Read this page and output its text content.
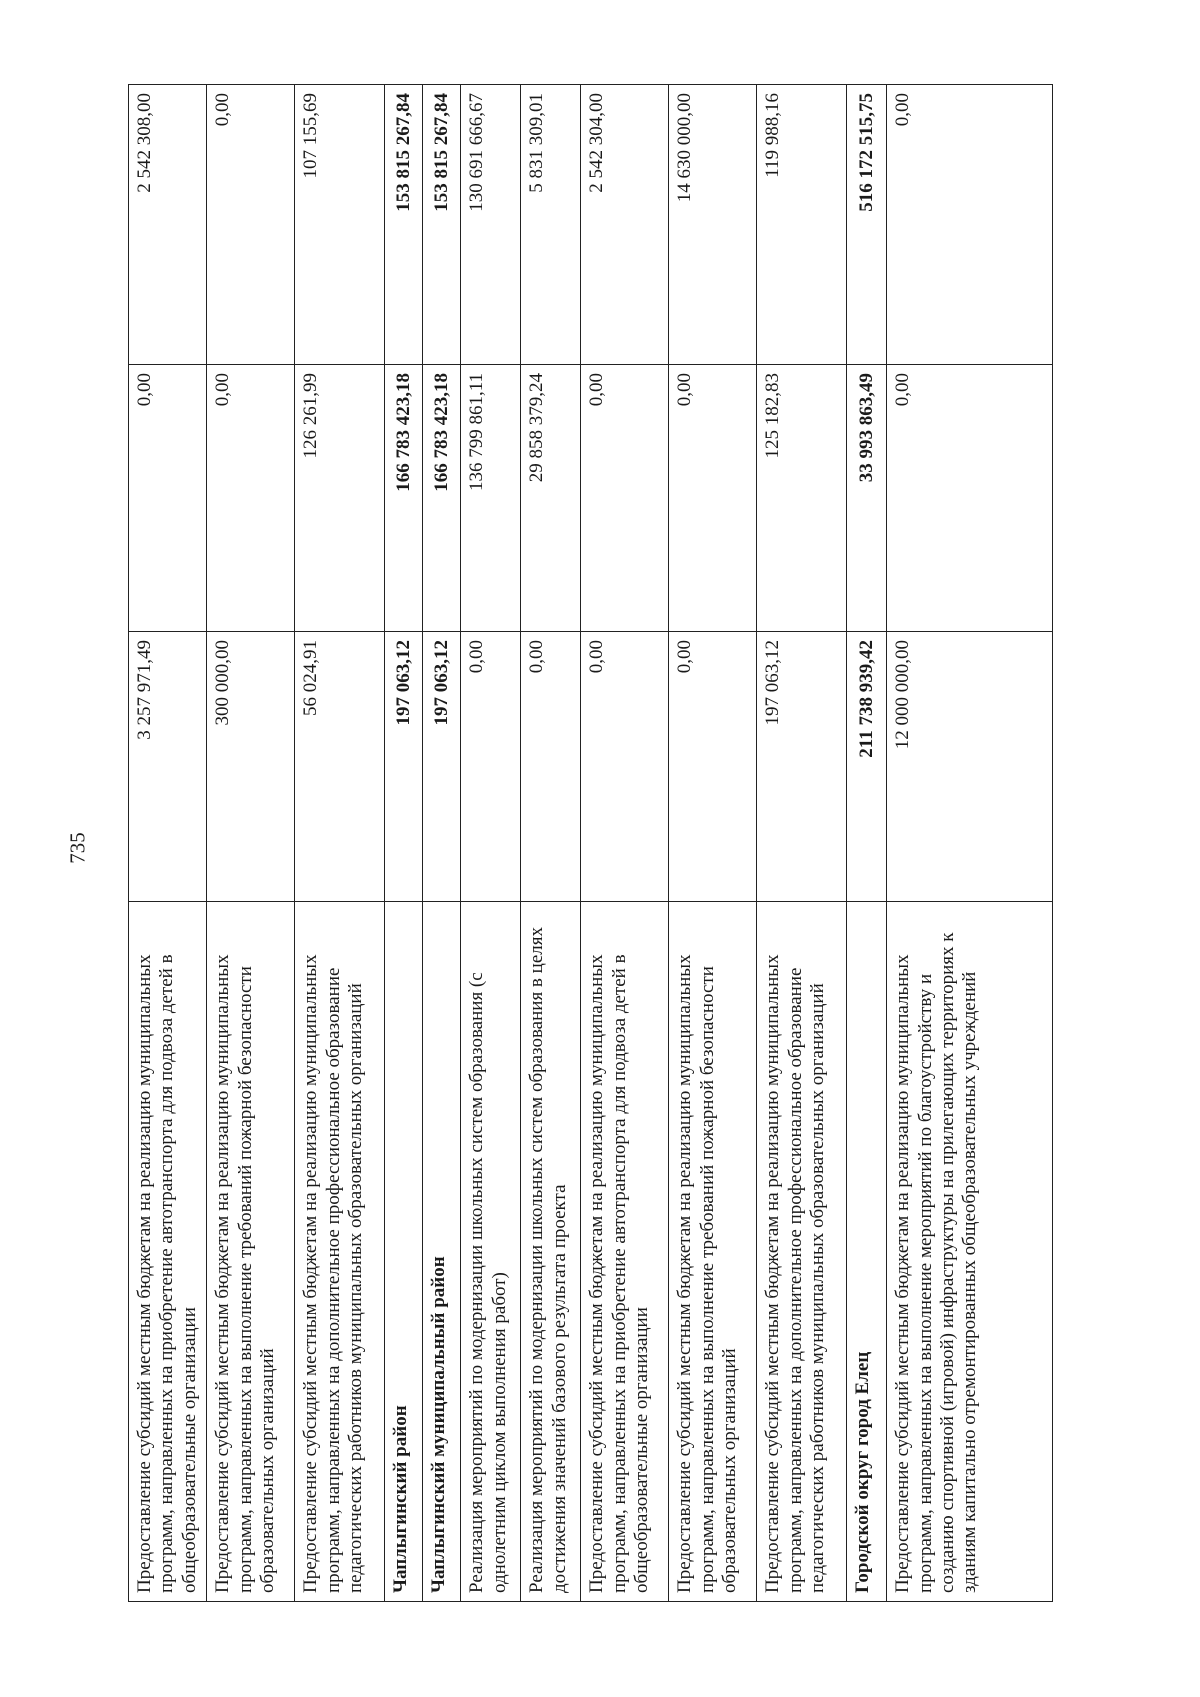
735
Предоставление субсидий местным бюджетам на реализацию муниципальных программ, направленных на приобретение автотранспорта для подвоза детей в общеобразовательные организации	3 257 971,49	0,00	2 542 308,00
Предоставление субсидий местным бюджетам на реализацию муниципальных программ, направленных на выполнение требований пожарной безопасности образовательных организаций	300 000,00	0,00	0,00
Предоставление субсидий местным бюджетам на реализацию муниципальных программ, направленных на дополнительное профессиональное образование педагогических работников муниципальных образовательных организаций	56 024,91	126 261,99	107 155,69
Чаплыгинский район	197 063,12	166 783 423,18	153 815 267,84
Чаплыгинский муниципальный район	197 063,12	166 783 423,18	153 815 267,84
Реализация мероприятий по модернизации школьных систем образования (с однолетним циклом выполнения работ)	0,00	136 799 861,11	130 691 666,67
Реализация мероприятий по модернизации школьных систем образования в целях достижения значений базового результата проекта	0,00	29 858 379,24	5 831 309,01
Предоставление субсидий местным бюджетам на реализацию муниципальных программ, направленных на приобретение автотранспорта для подвоза детей в общеобразовательные организации	0,00	0,00	2 542 304,00
Предоставление субсидий местным бюджетам на реализацию муниципальных программ, направленных на выполнение требований пожарной безопасности образовательных организаций	0,00	0,00	14 630 000,00
Предоставление субсидий местным бюджетам на реализацию муниципальных программ, направленных на дополнительное профессиональное образование педагогических работников муниципальных образовательных организаций	197 063,12	125 182,83	119 988,16
Городской округ город Елец	211 738 939,42	33 993 863,49	516 172 515,75
Предоставление субсидий местным бюджетам на реализацию муниципальных программ, направленных на выполнение мероприятий по благоустройству и созданию спортивной (игровой) инфраструктуры на прилегающих территориях к зданиям капитально отремонтированных общеобразовательных учреждений	12 000 000,00	0,00	0,00
